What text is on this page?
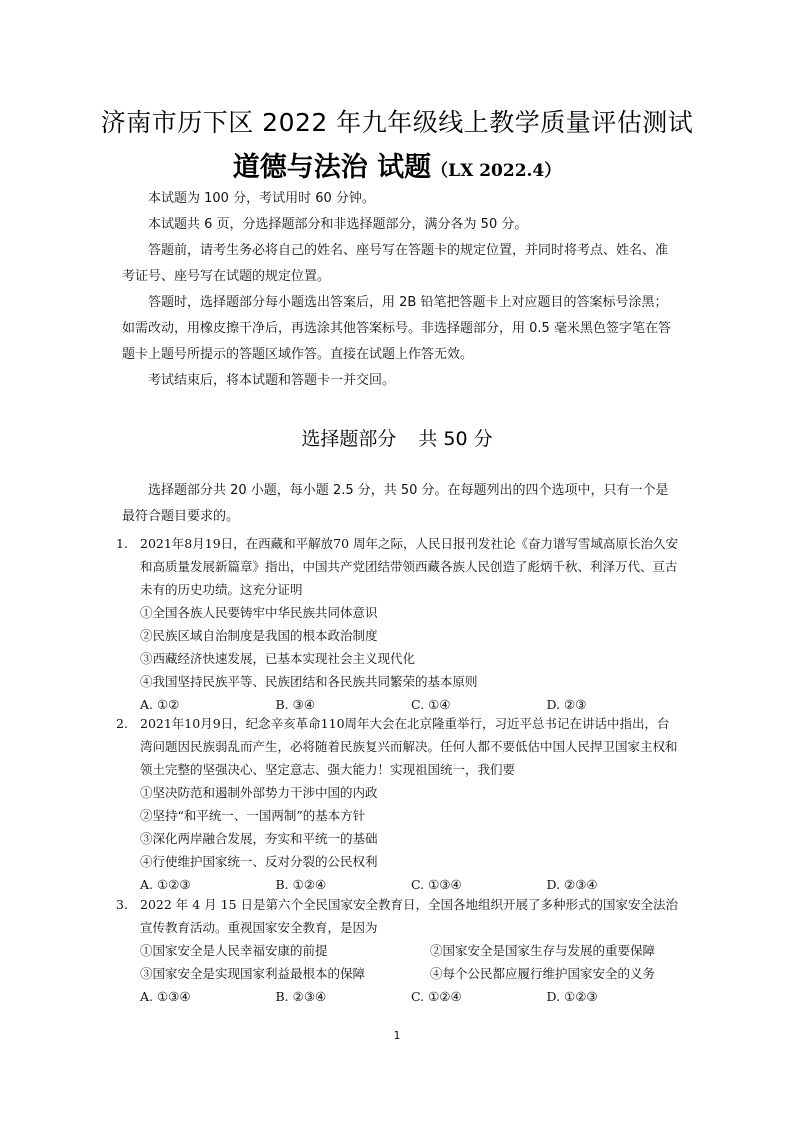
济南市历下区 2022 年九年级线上教学质量评估测试
道德与法治 试题（LX 2022.4）

本试题为 100 分，考试用时 60 分钟。

本试题共 6 页，分选择题部分和非选择题部分，满分各为 50 分。

答题前，请考生务必将自己的姓名、座号写在答题卡的规定位置，并同时将考点、姓名、准考证号、座号写在试题的规定位置。

答题时，选择题部分每小题选出答案后，用 2B 铅笔把答题卡上对应题目的答案标号涂黑；如需改动，用橡皮擦干净后，再选涂其他答案标号。非选择题部分，用 0.5 毫米黑色签字笔在答题卡上题号所提示的答题区域作答。直接在试题上作答无效。

考试结束后，将本试题和答题卡一并交回。

选择题部分 共 50 分

选择题部分共 20 小题，每小题 2.5 分，共 50 分。在每题列出的四个选项中，只有一个是最符合题目要求的。

1. 2021年8月19日，在西藏和平解放70 周年之际，人民日报刊发社论《奋力谱写雪域高原长治久安和高质量发展新篇章》指出，中国共产党团结带领西藏各族人民创造了彪炳千秋、利泽万代、亘古未有的历史功绩。这充分证明
①全国各族人民要铸牢中华民族共同体意识
②民族区域自治制度是我国的根本政治制度
③西藏经济快速发展，已基本实现社会主义现代化
④我国坚持民族平等、民族团结和各民族共同繁荣的基本原则
A. ①②	B. ③④	C. ①④	D. ②③
2. 2021年10月9日，纪念辛亥革命110周年大会在北京隆重举行，习近平总书记在讲话中指出，台湾问题因民族弱乱而产生，必将随着民族复兴而解决。任何人都不要低估中国人民捍卫国家主权和领土完整的坚强决心、坚定意志、强大能力！实现祖国统一，我们要
①坚决防范和遏制外部势力干涉中国的内政
②坚持“和平统一、一国两制”的基本方针
③深化两岸融合发展，夯实和平统一的基础
④行使维护国家统一、反对分裂的公民权利
A. ①②③	B. ①②④	C. ①③④	D. ②③④
3. 2022 年 4 月 15 日是第六个全民国家安全教育日，全国各地组织开展了多种形式的国家安全法治宣传教育活动。重视国家安全教育，是因为
①国家安全是人民幸福安康的前提	②国家安全是国家生存与发展的重要保障
③国家安全是实现国家利益最根本的保障	④每个公民都应履行维护国家安全的义务
A. ①③④	B. ②③④	C. ①②④	D. ①②③
1
